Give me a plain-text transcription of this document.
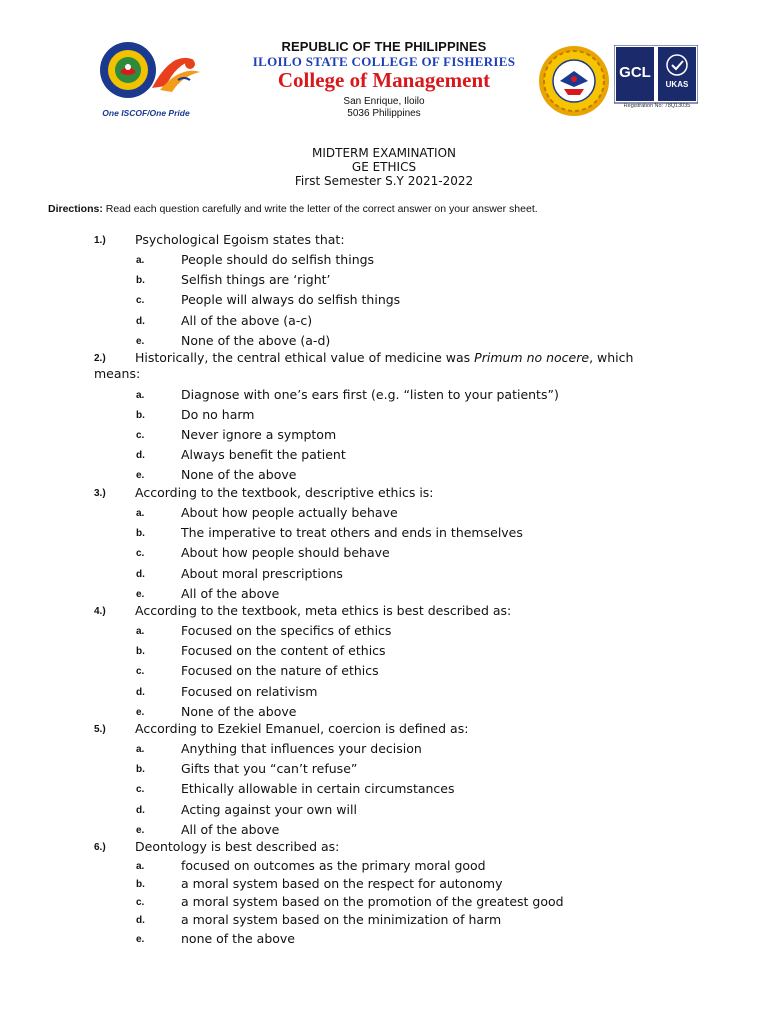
One ISCOF/One Pride
REPUBLIC OF THE PHILIPPINES
ILOILO STATE COLLEGE OF FISHERIES
College of Management
San Enrique, Iloilo
5036 Philippines
GCL
UKAS
Registration No: 78Q13035
MIDTERM EXAMINATION
GE ETHICS
First Semester S.Y 2021-2022
Directions: Read each question carefully and write the letter of the correct answer on your answer sheet.
1.) Psychological Egoism states that:
a.	People should do selfish things
b.	Selfish things are ‘right’
c.	People will always do selfish things
d.	All of the above (a-c)
e.	None of the above (a-d)
2.) Historically, the central ethical value of medicine was Primum no nocere, which
means:
a.	Diagnose with one’s ears first (e.g. “listen to your patients”)
b.	Do no harm
c.	Never ignore a symptom
d.	Always benefit the patient
e.	None of the above
3.) According to the textbook, descriptive ethics is:
a.	About how people actually behave
b.	The imperative to treat others and ends in themselves
c.	About how people should behave
d.	About moral prescriptions
e.	All of the above
4.) According to the textbook, meta ethics is best described as:
a.	Focused on the specifics of ethics
b.	Focused on the content of ethics
c.	Focused on the nature of ethics
d.	Focused on relativism
e.	None of the above
5.) According to Ezekiel Emanuel, coercion is defined as:
a.	Anything that influences your decision
b.	Gifts that you “can’t refuse”
c.	Ethically allowable in certain circumstances
d.	Acting against your own will
e.	All of the above
6.) Deontology is best described as:
a.	focused on outcomes as the primary moral good
b.	a moral system based on the respect for autonomy
c.	a moral system based on the promotion of the greatest good
d.	a moral system based on the minimization of harm
e.	none of the above
